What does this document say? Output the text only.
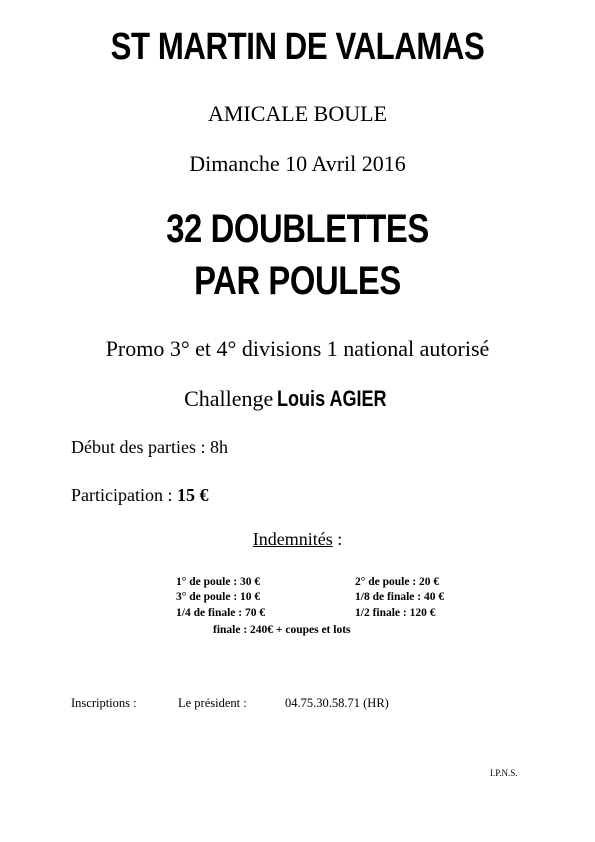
ST MARTIN DE VALAMAS
AMICALE BOULE
Dimanche 10 Avril 2016
32 DOUBLETTES
PAR POULES
Promo 3° et 4° divisions 1 national autorisé
Challenge Louis AGIER
Début des parties : 8h
Participation : 15 €
Indemnités :
1° de poule : 30 €	2° de poule : 20 €
3° de poule : 10 €	1/8 de finale : 40 €
1/4 de finale : 70 €	1/2 finale : 120 €
finale : 240€ + coupes et lots
Inscriptions :	Le président :	04.75.30.58.71 (HR)
I.P.N.S.
